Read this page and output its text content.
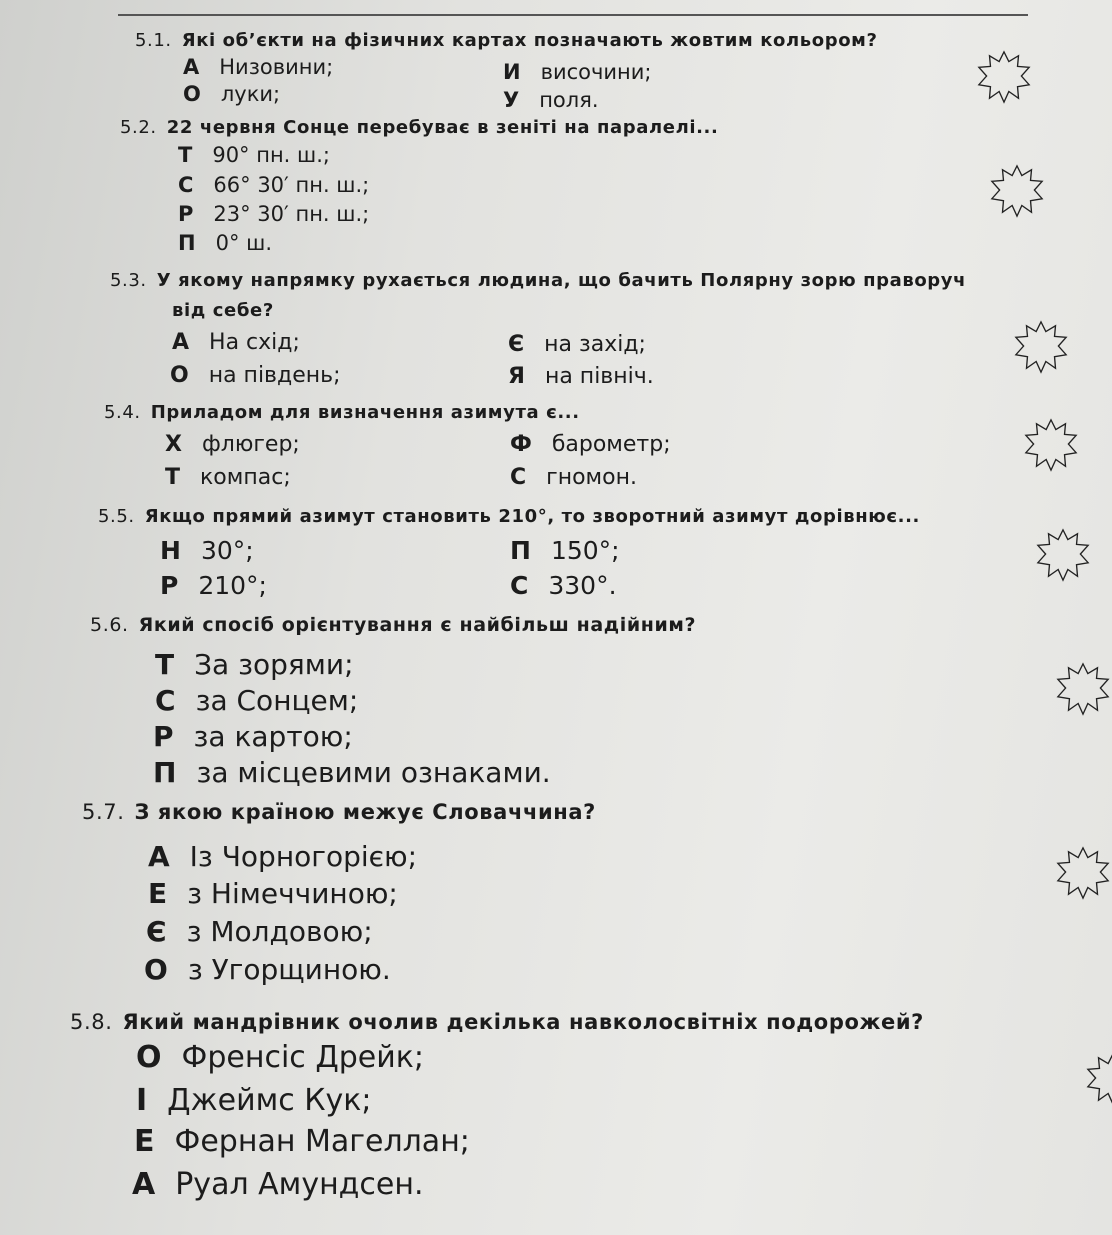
5.1. Які об’єкти на фізичних картах позначають жовтим кольором?
А Низовини;	И височини;
О луки;	У поля.
5.2. 22 червня Сонце перебуває в зеніті на паралелі...
Т 90° пн. ш.;
С 66° 30′ пн. ш.;
Р 23° 30′ пн. ш.;
П 0° ш.
5.3. У якому напрямку рухається людина, що бачить Полярну зорю праворуч
від себе?
А На схід;	Є на захід;
О на південь;	Я на північ.
5.4. Приладом для визначення азимута є...
Х флюгер;	Ф барометр;
Т компас;	С гномон.
5.5. Якщо прямий азимут становить 210°, то зворотний азимут дорівнює...
Н 30°;	П 150°;
Р 210°;	С 330°.
5.6. Який спосіб орієнтування є найбільш надійним?
Т За зорями;
С за Сонцем;
Р за картою;
П за місцевими ознаками.
5.7. З якою країною межує Словаччина?
А Із Чорногорією;
Е з Німеччиною;
Є з Молдовою;
О з Угорщиною.
5.8. Який мандрівник очолив декілька навколосвітніх подорожей?
О Френсіс Дрейк;
І Джеймс Кук;
Е Фернан Магеллан;
А Руал Амундсен.
